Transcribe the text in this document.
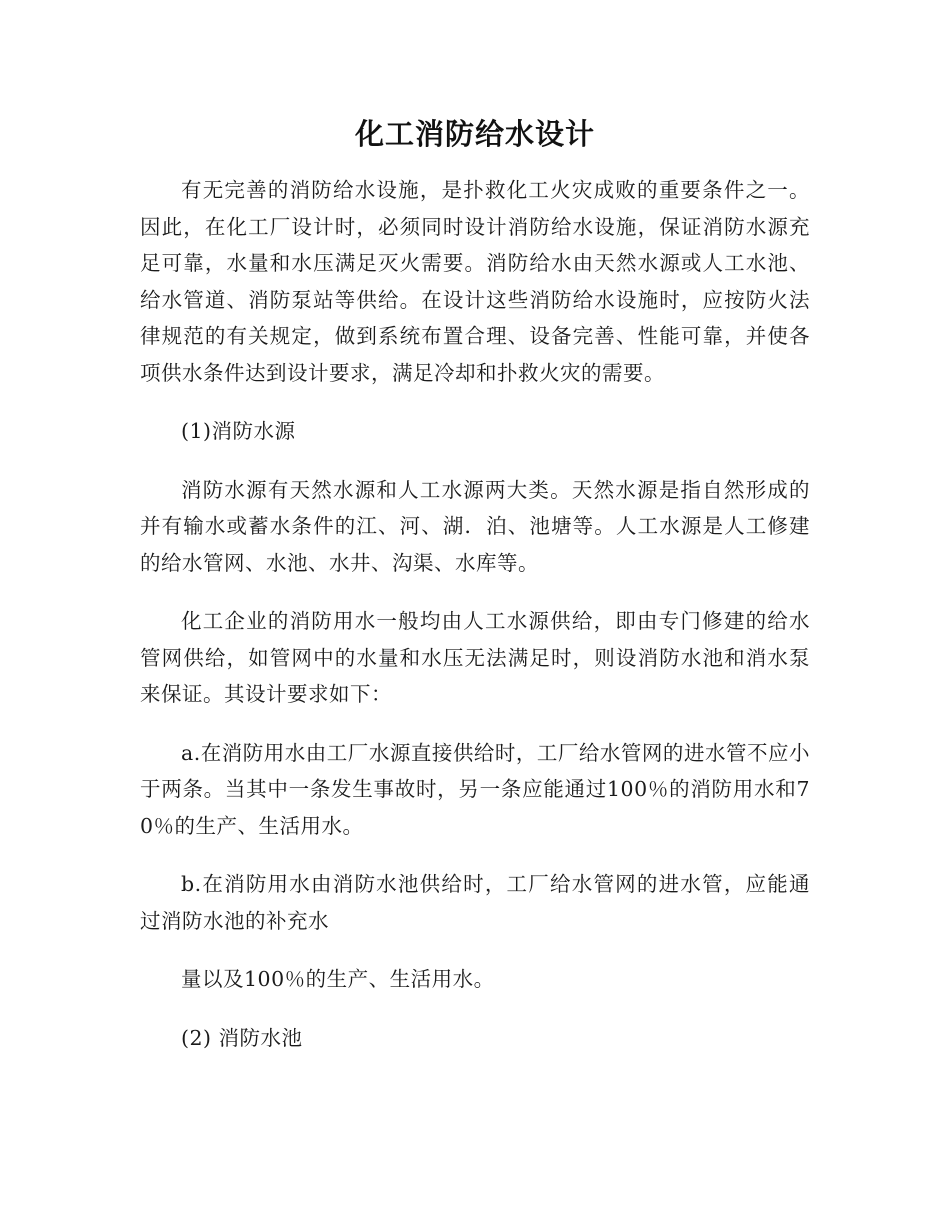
化工消防给水设计

有无完善的消防给水设施，是扑救化工火灾成败的重要条件之一。因此，在化工厂设计时，必须同时设计消防给水设施，保证消防水源充足可靠，水量和水压满足灭火需要。消防给水由天然水源或人工水池、给水管道、消防泵站等供给。在设计这些消防给水设施时，应按防火法律规范的有关规定，做到系统布置合理、设备完善、性能可靠，并使各项供水条件达到设计要求，满足冷却和扑救火灾的需要。

(1)消防水源

消防水源有天然水源和人工水源两大类。天然水源是指自然形成的并有输水或蓄水条件的江、河、湖．泊、池塘等。人工水源是人工修建的给水管网、水池、水井、沟渠、水库等。

化工企业的消防用水一般均由人工水源供给，即由专门修建的给水管网供给，如管网中的水量和水压无法满足时，则设消防水池和消水泵来保证。其设计要求如下：

a.在消防用水由工厂水源直接供给时，工厂给水管网的进水管不应小于两条。当其中一条发生事故时，另一条应能通过100％的消防用水和70％的生产、生活用水。

b.在消防用水由消防水池供给时，工厂给水管网的进水管，应能通过消防水池的补充水

量以及100％的生产、生活用水。

(2) 消防水池
